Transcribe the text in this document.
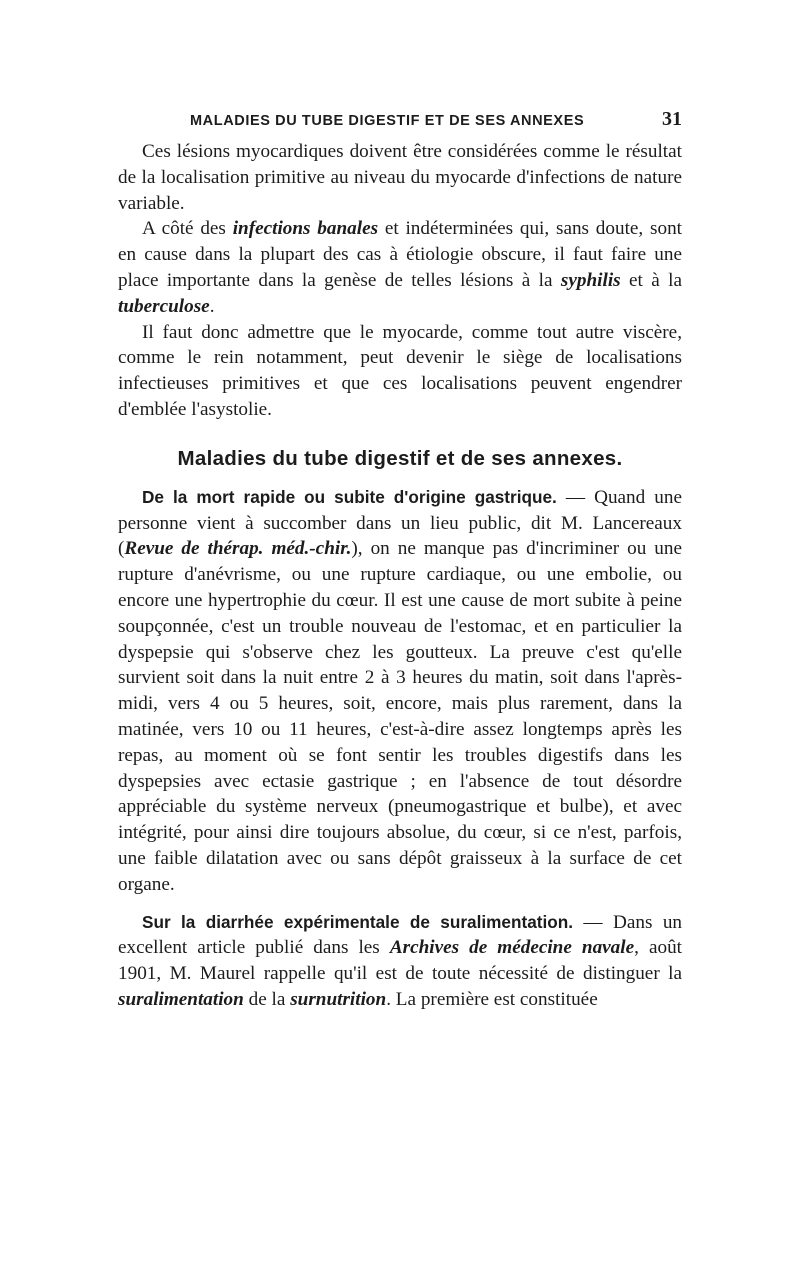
MALADIES DU TUBE DIGESTIF ET DE SES ANNEXES	31

Ces lésions myocardiques doivent être considérées comme le résultat de la localisation primitive au niveau du myocarde d'infections de nature variable.

A côté des infections banales et indéterminées qui, sans doute, sont en cause dans la plupart des cas à étiologie obscure, il faut faire une place importante dans la genèse de telles lésions à la syphilis et à la tuberculose.

Il faut donc admettre que le myocarde, comme tout autre viscère, comme le rein notamment, peut devenir le siège de localisations infectieuses primitives et que ces localisations peuvent engendrer d'emblée l'asystolie.

Maladies du tube digestif et de ses annexes.

De la mort rapide ou subite d'origine gastrique. — Quand une personne vient à succomber dans un lieu public, dit M. Lancereaux (Revue de thérap. méd.-chir.), on ne manque pas d'incriminer ou une rupture d'anévrisme, ou une rupture cardiaque, ou une embolie, ou encore une hypertrophie du cœur. Il est une cause de mort subite à peine soupçonnée, c'est un trouble nouveau de l'estomac, et en particulier la dyspepsie qui s'observe chez les goutteux. La preuve c'est qu'elle survient soit dans la nuit entre 2 à 3 heures du matin, soit dans l'après-midi, vers 4 ou 5 heures, soit, encore, mais plus rarement, dans la matinée, vers 10 ou 11 heures, c'est-à-dire assez longtemps après les repas, au moment où se font sentir les troubles digestifs dans les dyspepsies avec ectasie gastrique ; en l'absence de tout désordre appréciable du système nerveux (pneumogastrique et bulbe), et avec intégrité, pour ainsi dire toujours absolue, du cœur, si ce n'est, parfois, une faible dilatation avec ou sans dépôt graisseux à la surface de cet organe.

Sur la diarrhée expérimentale de suralimentation. — Dans un excellent article publié dans les Archives de médecine navale, août 1901, M. Maurel rappelle qu'il est de toute nécessité de distinguer la suralimentation de la surnutrition. La première est constituée
